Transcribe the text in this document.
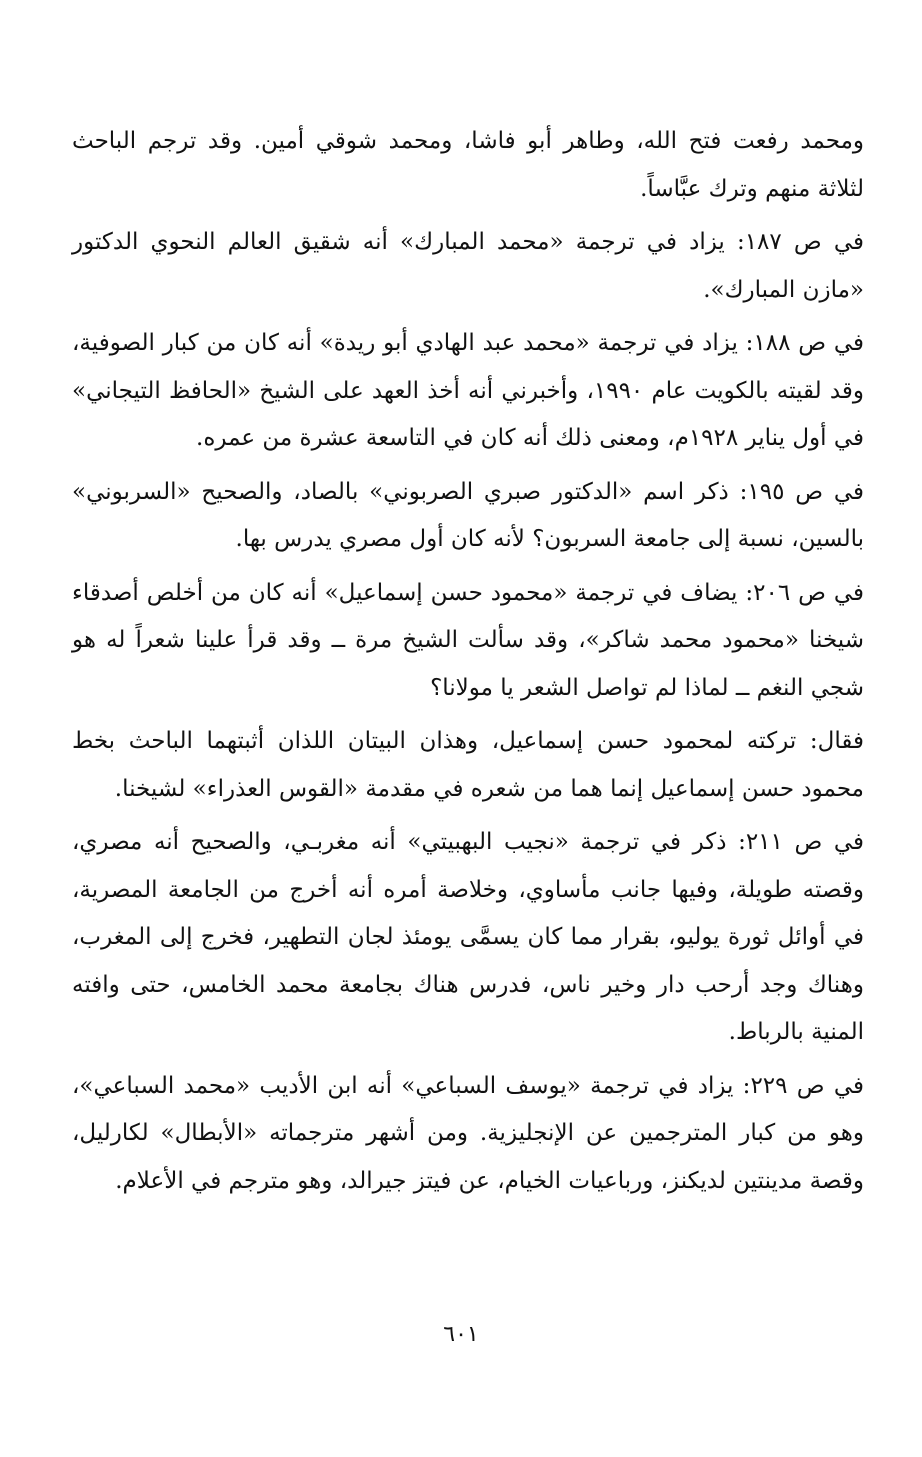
ومحمد رفعت فتح الله، وطاهر أبو فاشا، ومحمد شوقي أمين. وقد ترجم الباحث لثلاثة منهم وترك عبَّاساً.

في ص ١٨٧: يزاد في ترجمة «محمد المبارك» أنه شقيق العالم النحوي الدكتور «مازن المبارك».

في ص ١٨٨: يزاد في ترجمة «محمد عبد الهادي أبو ريدة» أنه كان من كبار الصوفية، وقد لقيته بالكويت عام ١٩٩٠، وأخبرني أنه أخذ العهد على الشيخ «الحافظ التيجاني» في أول يناير ١٩٢٨م، ومعنى ذلك أنه كان في التاسعة عشرة من عمره.

في ص ١٩٥: ذكر اسم «الدكتور صبري الصربوني» بالصاد، والصحيح «السربوني» بالسين، نسبة إلى جامعة السربون؟ لأنه كان أول مصري يدرس بها.

في ص ٢٠٦: يضاف في ترجمة «محمود حسن إسماعيل» أنه كان من أخلص أصدقاء شيخنا «محمود محمد شاكر»، وقد سألت الشيخ مرة ــ وقد قرأ علينا شعراً له هو شجي النغم ــ لماذا لم تواصل الشعر يا مولانا؟

فقال: تركته لمحمود حسن إسماعيل، وهذان البيتان اللذان أثبتهما الباحث بخط محمود حسن إسماعيل إنما هما من شعره في مقدمة «القوس العذراء» لشيخنا.

في ص ٢١١: ذكر في ترجمة «نجيب البهبيتي» أنه مغربـي، والصحيح أنه مصري، وقصته طويلة، وفيها جانب مأساوي، وخلاصة أمره أنه أخرج من الجامعة المصرية، في أوائل ثورة يوليو، بقرار مما كان يسمَّى يومئذ لجان التطهير، فخرج إلى المغرب، وهناك وجد أرحب دار وخير ناس، فدرس هناك بجامعة محمد الخامس، حتى وافته المنية بالرباط.

في ص ٢٢٩: يزاد في ترجمة «يوسف السباعي» أنه ابن الأديب «محمد السباعي»، وهو من كبار المترجمين عن الإنجليزية. ومن أشهر مترجماته «الأبطال» لكارليل، وقصة مدينتين لديكنز، ورباعيات الخيام، عن فيتز جيرالد، وهو مترجم في الأعلام.

٦٠١
